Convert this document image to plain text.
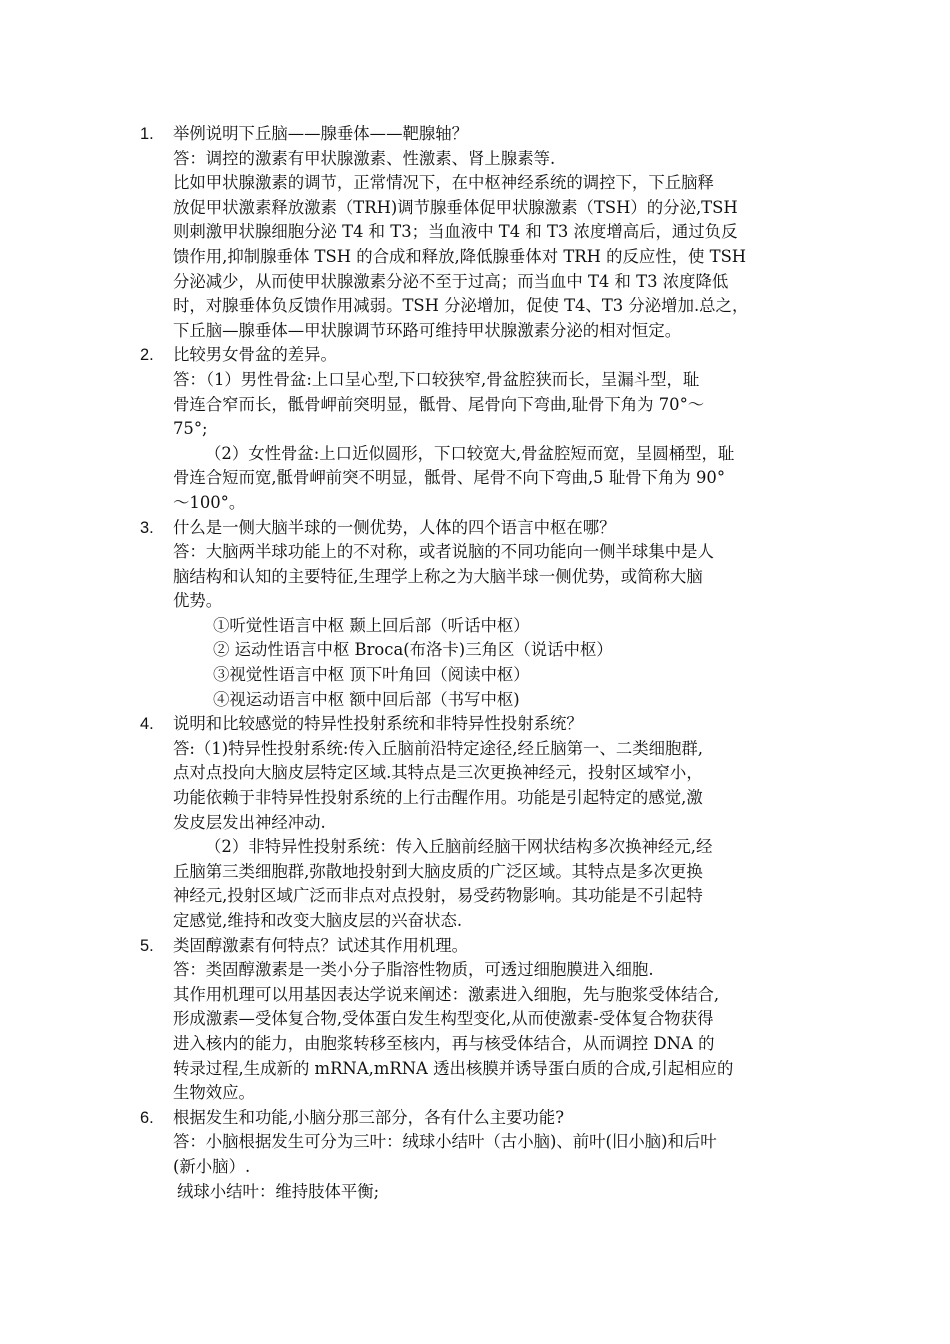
1.	举例说明下丘脑——腺垂体——靶腺轴？
答：调控的激素有甲状腺激素、性激素、肾上腺素等.
比如甲状腺激素的调节，正常情况下，在中枢神经系统的调控下，下丘脑释
放促甲状激素释放激素（TRH)调节腺垂体促甲状腺激素（TSH）的分泌,TSH
则刺激甲状腺细胞分泌 T4 和 T3；当血液中 T4 和 T3 浓度增高后，通过负反
馈作用,抑制腺垂体 TSH 的合成和释放,降低腺垂体对 TRH 的反应性，使 TSH
分泌减少，从而使甲状腺激素分泌不至于过高；而当血中 T4 和 T3 浓度降低
时，对腺垂体负反馈作用减弱。TSH 分泌增加，促使 T4、T3 分泌增加.总之，
下丘脑—腺垂体—甲状腺调节环路可维持甲状腺激素分泌的相对恒定。
2.	比较男女骨盆的差异。
答：（1）男性骨盆:上口呈心型,下口较狭窄,骨盆腔狭而长，呈漏斗型，耻
骨连合窄而长，骶骨岬前突明显，骶骨、尾骨向下弯曲,耻骨下角为 70°～
75°;
（2）女性骨盆:上口近似圆形，下口较宽大,骨盆腔短而宽，呈圆桶型，耻
骨连合短而宽,骶骨岬前突不明显，骶骨、尾骨不向下弯曲,5 耻骨下角为 90°
～100°。
3.	什么是一侧大脑半球的一侧优势，人体的四个语言中枢在哪？
答：大脑两半球功能上的不对称，或者说脑的不同功能向一侧半球集中是人
脑结构和认知的主要特征,生理学上称之为大脑半球一侧优势，或简称大脑
优势。
①听觉性语言中枢 颞上回后部（听话中枢）
② 运动性语言中枢 Broca(布洛卡)三角区（说话中枢）
③视觉性语言中枢 顶下叶角回（阅读中枢）
④视运动语言中枢 额中回后部（书写中枢)
4.	说明和比较感觉的特异性投射系统和非特异性投射系统？
答:（1)特异性投射系统:传入丘脑前沿特定途径,经丘脑第一、二类细胞群,
点对点投向大脑皮层特定区域.其特点是三次更换神经元，投射区域窄小，
功能依赖于非特异性投射系统的上行击醒作用。功能是引起特定的感觉,激
发皮层发出神经冲动.
（2）非特异性投射系统：传入丘脑前经脑干网状结构多次换神经元,经
丘脑第三类细胞群,弥散地投射到大脑皮质的广泛区域。其特点是多次更换
神经元,投射区域广泛而非点对点投射，易受药物影响。其功能是不引起特
定感觉,维持和改变大脑皮层的兴奋状态.
5.	类固醇激素有何特点？试述其作用机理。
答：类固醇激素是一类小分子脂溶性物质，可透过细胞膜进入细胞.
其作用机理可以用基因表达学说来阐述：激素进入细胞，先与胞浆受体结合,
形成激素—受体复合物,受体蛋白发生构型变化,从而使激素-受体复合物获得
进入核内的能力，由胞浆转移至核内，再与核受体结合，从而调控 DNA 的
转录过程,生成新的 mRNA,mRNA 透出核膜并诱导蛋白质的合成,引起相应的
生物效应。
6.	根据发生和功能,小脑分那三部分，各有什么主要功能?
答：小脑根据发生可分为三叶：绒球小结叶（古小脑)、前叶(旧小脑)和后叶
(新小脑）.
绒球小结叶：维持肢体平衡;
